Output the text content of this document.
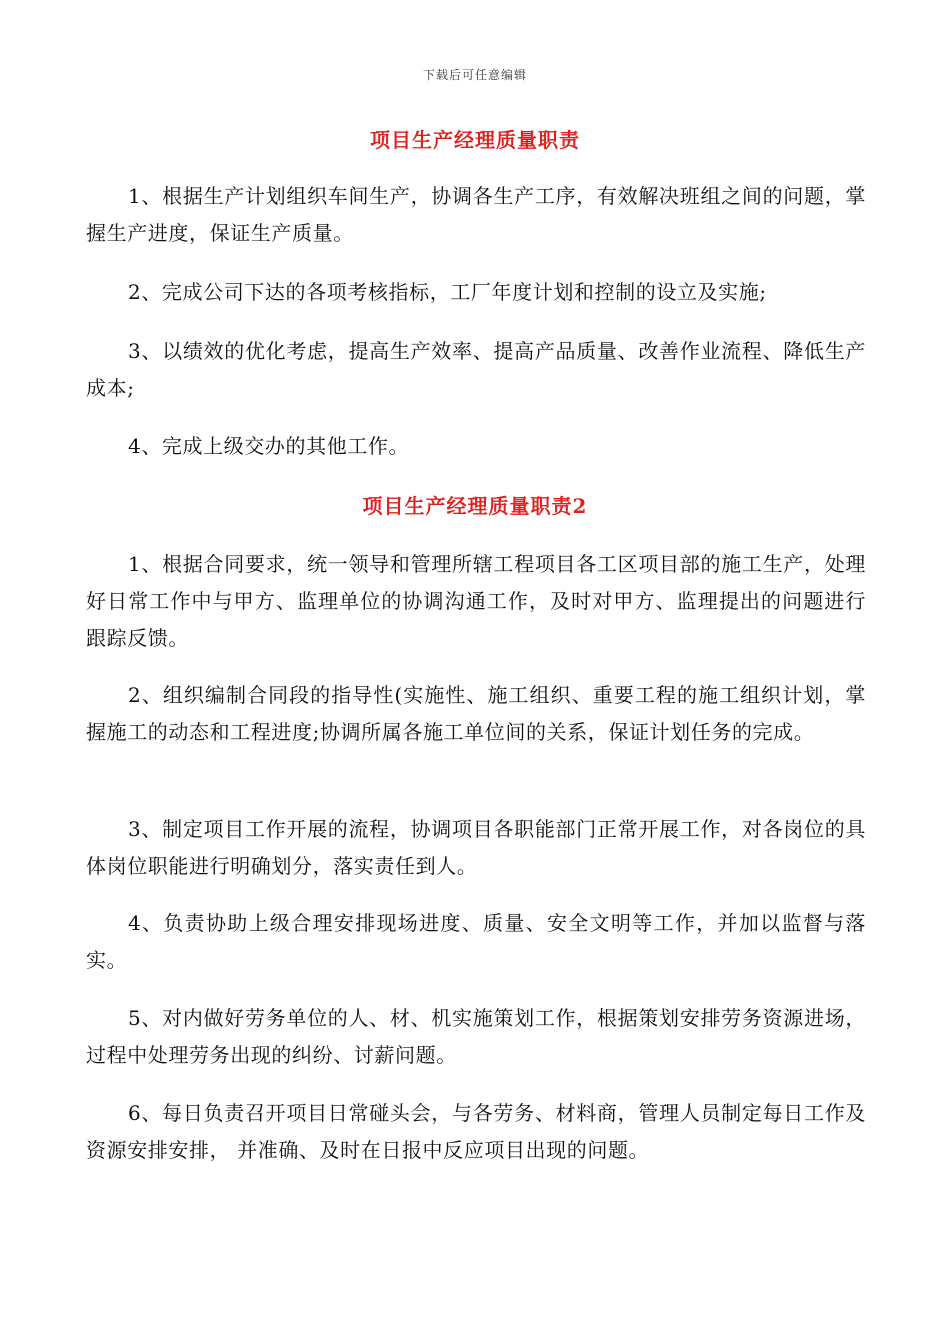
下载后可任意编辑
项目生产经理质量职责

1、根据生产计划组织车间生产，协调各生产工序，有效解决班组之间的问题，掌握生产进度，保证生产质量。

2、完成公司下达的各项考核指标，工厂年度计划和控制的设立及实施;

3、以绩效的优化考虑，提高生产效率、提高产品质量、改善作业流程、降低生产成本;

4、完成上级交办的其他工作。

项目生产经理质量职责2

1、根据合同要求，统一领导和管理所辖工程项目各工区项目部的施工生产，处理好日常工作中与甲方、监理单位的协调沟通工作，及时对甲方、监理提出的问题进行跟踪反馈。

2、组织编制合同段的指导性(实施性、施工组织、重要工程的施工组织计划，掌握施工的动态和工程进度;协调所属各施工单位间的关系，保证计划任务的完成。

3、制定项目工作开展的流程，协调项目各职能部门正常开展工作，对各岗位的具体岗位职能进行明确划分，落实责任到人。

4、负责协助上级合理安排现场进度、质量、安全文明等工作，并加以监督与落实。

5、对内做好劳务单位的人、材、机实施策划工作，根据策划安排劳务资源进场，过程中处理劳务出现的纠纷、讨薪问题。

6、每日负责召开项目日常碰头会，与各劳务、材料商，管理人员制定每日工作及资源安排安排， 并准确、及时在日报中反应项目出现的问题。
